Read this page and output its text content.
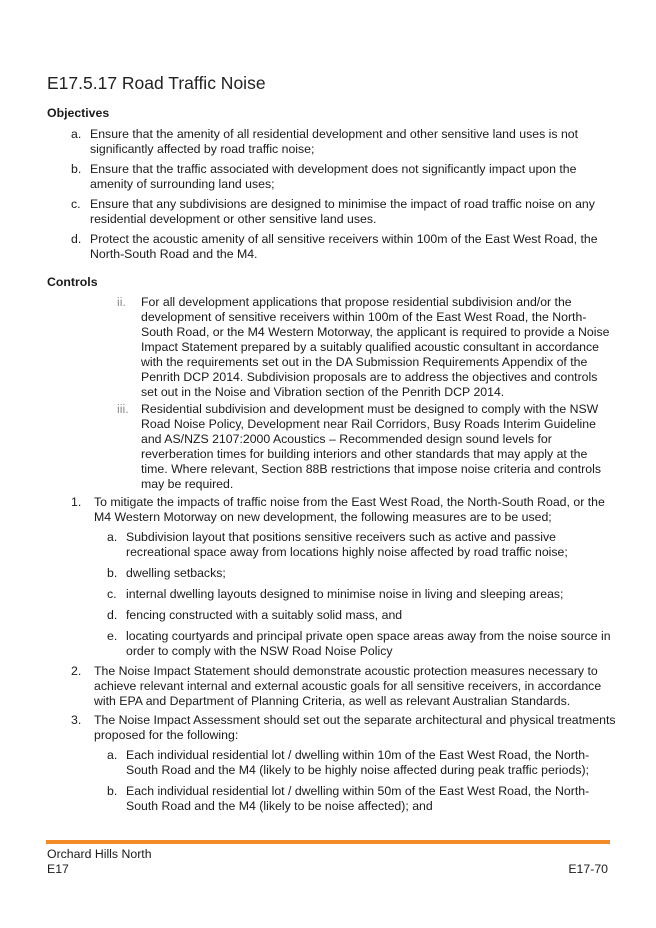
E17.5.17 Road Traffic Noise
Objectives
a. Ensure that the amenity of all residential development and other sensitive land uses is not
significantly affected by road traffic noise;
b. Ensure that the traffic associated with development does not significantly impact upon the
amenity of surrounding land uses;
c. Ensure that any subdivisions are designed to minimise the impact of road traffic noise on any
residential development or other sensitive land uses.
d. Protect the acoustic amenity of all sensitive receivers within 100m of the East West Road, the
North-South Road and the M4.
Controls
ii. For all development applications that propose residential subdivision and/or the
development of sensitive receivers within 100m of the East West Road, the North-
South Road, or the M4 Western Motorway, the applicant is required to provide a Noise
Impact Statement prepared by a suitably qualified acoustic consultant in accordance
with the requirements set out in the DA Submission Requirements Appendix of the
Penrith DCP 2014. Subdivision proposals are to address the objectives and controls
set out in the Noise and Vibration section of the Penrith DCP 2014.
iii. Residential subdivision and development must be designed to comply with the NSW
Road Noise Policy, Development near Rail Corridors, Busy Roads Interim Guideline
and AS/NZS 2107:2000 Acoustics – Recommended design sound levels for
reverberation times for building interiors and other standards that may apply at the
time. Where relevant, Section 88B restrictions that impose noise criteria and controls
may be required.
1. To mitigate the impacts of traffic noise from the East West Road, the North-South Road, or the
M4 Western Motorway on new development, the following measures are to be used;
a. Subdivision layout that positions sensitive receivers such as active and passive
recreational space away from locations highly noise affected by road traffic noise;
b. dwelling setbacks;
c. internal dwelling layouts designed to minimise noise in living and sleeping areas;
d. fencing constructed with a suitably solid mass, and
e. locating courtyards and principal private open space areas away from the noise source in
order to comply with the NSW Road Noise Policy
2. The Noise Impact Statement should demonstrate acoustic protection measures necessary to
achieve relevant internal and external acoustic goals for all sensitive receivers, in accordance
with EPA and Department of Planning Criteria, as well as relevant Australian Standards.
3. The Noise Impact Assessment should set out the separate architectural and physical treatments
proposed for the following:
a. Each individual residential lot / dwelling within 10m of the East West Road, the North-
South Road and the M4 (likely to be highly noise affected during peak traffic periods);
b. Each individual residential lot / dwelling within 50m of the East West Road, the North-
South Road and the M4 (likely to be noise affected); and
Orchard Hills North
E17	E17-70
